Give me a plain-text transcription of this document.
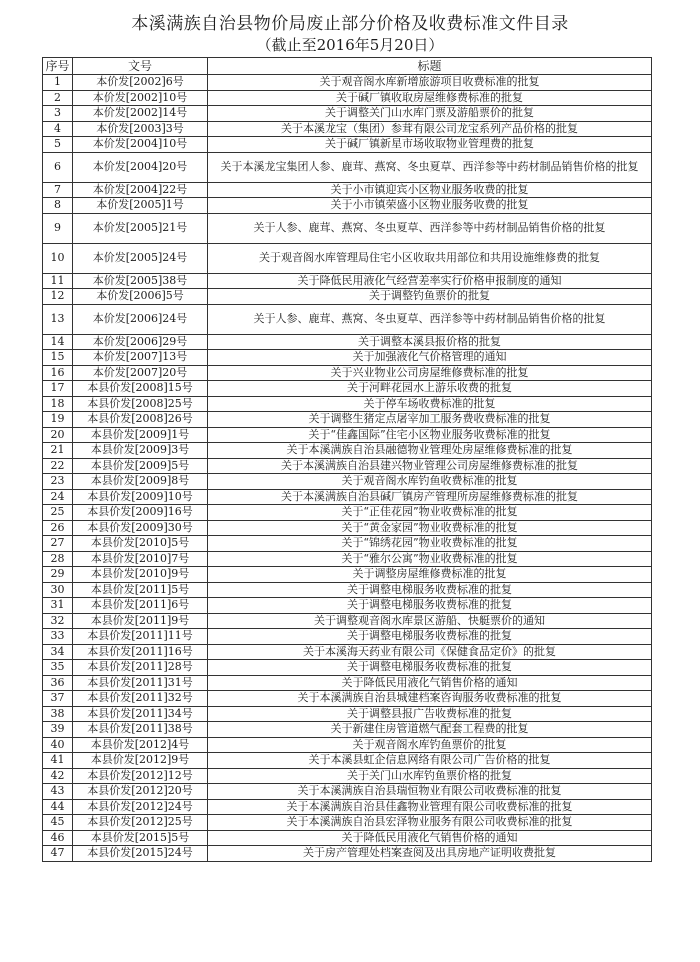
本溪满族自治县物价局废止部分价格及收费标准文件目录
（截止至2016年5月20日）
序号	文号	标题
1	本价发[2002]6号	关于观音阁水库新增旅游项目收费标准的批复
2	本价发[2002]10号	关于碱厂镇收取房屋维修费标准的批复
3	本价发[2002]14号	关于调整关门山水库门票及游船票价的批复
4	本价发[2003]3号	关于本溪龙宝（集团）参茸有限公司龙宝系列产品价格的批复
5	本价发[2004]10号	关于碱厂镇新星市场收取物业管理费的批复
6	本价发[2004]20号	关于本溪龙宝集团人参、鹿茸、燕窝、冬虫夏草、西洋参等中药材制品销售价格的批复
7	本价发[2004]22号	关于小市镇迎宾小区物业服务收费的批复
8	本价发[2005]1号	关于小市镇荣盛小区物业服务收费的批复
9	本价发[2005]21号	关于人参、鹿茸、燕窝、冬虫夏草、西洋参等中药材制品销售价格的批复
10	本价发[2005]24号	关于观音阁水库管理局住宅小区收取共用部位和共用设施维修费的批复
11	本价发[2005]38号	关于降低民用液化气经营差率实行价格申报制度的通知
12	本价发[2006]5号	关于调整钓鱼票价的批复
13	本价发[2006]24号	关于人参、鹿茸、燕窝、冬虫夏草、西洋参等中药材制品销售价格的批复
14	本价发[2006]29号	关于调整本溪县报价格的批复
15	本价发[2007]13号	关于加强液化气价格管理的通知
16	本价发[2007]20号	关于兴业物业公司房屋维修费标准的批复
17	本县价发[2008]15号	关于河畔花园水上游乐收费的批复
18	本县价发[2008]25号	关于停车场收费标准的批复
19	本县价发[2008]26号	关于调整生猪定点屠宰加工服务费收费标准的批复
20	本县价发[2009]1号	关于“佳鑫国际”住宅小区物业服务收费标准的批复
21	本县价发[2009]3号	关于本溪满族自治县融德物业管理处房屋维修费标准的批复
22	本县价发[2009]5号	关于本溪满族自治县建兴物业管理公司房屋维修费标准的批复
23	本县价发[2009]8号	关于观音阁水库钓鱼收费标准的批复
24	本县价发[2009]10号	关于本溪满族自治县碱厂镇房产管理所房屋维修费标准的批复
25	本县价发[2009]16号	关于“正佳花园”物业收费标准的批复
26	本县价发[2009]30号	关于“黄金家园”物业收费标准的批复
27	本县价发[2010]5号	关于“锦绣花园”物业收费标准的批复
28	本县价发[2010]7号	关于“雅尔公寓”物业收费标准的批复
29	本县价发[2010]9号	关于调整房屋维修费标准的批复
30	本县价发[2011]5号	关于调整电梯服务收费标准的批复
31	本县价发[2011]6号	关于调整电梯服务收费标准的批复
32	本县价发[2011]9号	关于调整观音阁水库景区游船、快艇票价的通知
33	本县价发[2011]11号	关于调整电梯服务收费标准的批复
34	本县价发[2011]16号	关于本溪海天药业有限公司《保健食品定价》的批复
35	本县价发[2011]28号	关于调整电梯服务收费标准的批复
36	本县价发[2011]31号	关于降低民用液化气销售价格的通知
37	本县价发[2011]32号	关于本溪满族自治县城建档案咨询服务收费标准的批复
38	本县价发[2011]34号	关于调整县报广告收费标准的批复
39	本县价发[2011]38号	关于新建住房管道燃气配套工程费的批复
40	本县价发[2012]4号	关于观音阁水库钓鱼票价的批复
41	本县价发[2012]9号	关于本溪县虹企信息网络有限公司广告价格的批复
42	本县价发[2012]12号	关于关门山水库钓鱼票价格的批复
43	本县价发[2012]20号	关于本溪满族自治县瑞恒物业有限公司收费标准的批复
44	本县价发[2012]24号	关于本溪满族自治县佳鑫物业管理有限公司收费标准的批复
45	本县价发[2012]25号	关于本溪满族自治县宏泽物业服务有限公司收费标准的批复
46	本县价发[2015]5号	关于降低民用液化气销售价格的通知
47	本县价发[2015]24号	关于房产管理处档案查阅及出具房地产证明收费批复
